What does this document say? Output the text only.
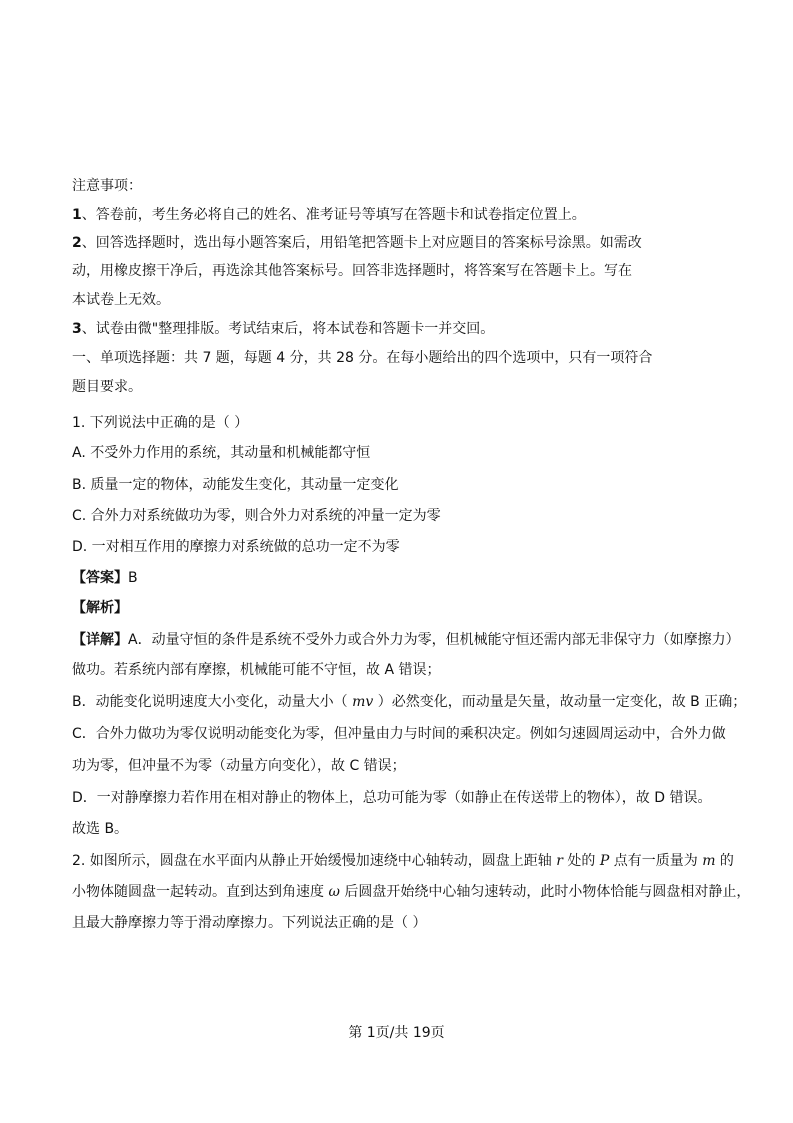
注意事项：
1、答卷前，考生务必将自己的姓名、准考证号等填写在答题卡和试卷指定位置上。
2、回答选择题时，选出每小题答案后，用铅笔把答题卡上对应题目的答案标号涂黑。如需改
动，用橡皮擦干净后，再选涂其他答案标号。回答非选择题时，将答案写在答题卡上。写在
本试卷上无效。
3、试卷由微"整理排版。考试结束后，将本试卷和答题卡一并交回。
一、单项选择题：共 7 题，每题 4 分，共 28 分。在每小题给出的四个选项中，只有一项符合
题目要求。
1. 下列说法中正确的是（ ）
A. 不受外力作用的系统，其动量和机械能都守恒
B. 质量一定的物体，动能发生变化，其动量一定变化
C. 合外力对系统做功为零，则合外力对系统的冲量一定为零
D. 一对相互作用的摩擦力对系统做的总功一定不为零
【答案】B
【解析】
【详解】A．动量守恒的条件是系统不受外力或合外力为零，但机械能守恒还需内部无非保守力（如摩擦力）
做功。若系统内部有摩擦，机械能可能不守恒，故 A 错误；
B．动能变化说明速度大小变化，动量大小（ mv ）必然变化，而动量是矢量，故动量一定变化，故 B 正确；
C．合外力做功为零仅说明动能变化为零，但冲量由力与时间的乘积决定。例如匀速圆周运动中，合外力做
功为零，但冲量不为零（动量方向变化），故 C 错误；
D．一对静摩擦力若作用在相对静止的物体上，总功可能为零（如静止在传送带上的物体），故 D 错误。
故选 B。
2. 如图所示，圆盘在水平面内从静止开始缓慢加速绕中心轴转动，圆盘上距轴 r 处的 P 点有一质量为 m 的
小物体随圆盘一起转动。直到达到角速度 ω 后圆盘开始绕中心轴匀速转动，此时小物体恰能与圆盘相对静止，
且最大静摩擦力等于滑动摩擦力。下列说法正确的是（ ）
第 1页/共 19页
